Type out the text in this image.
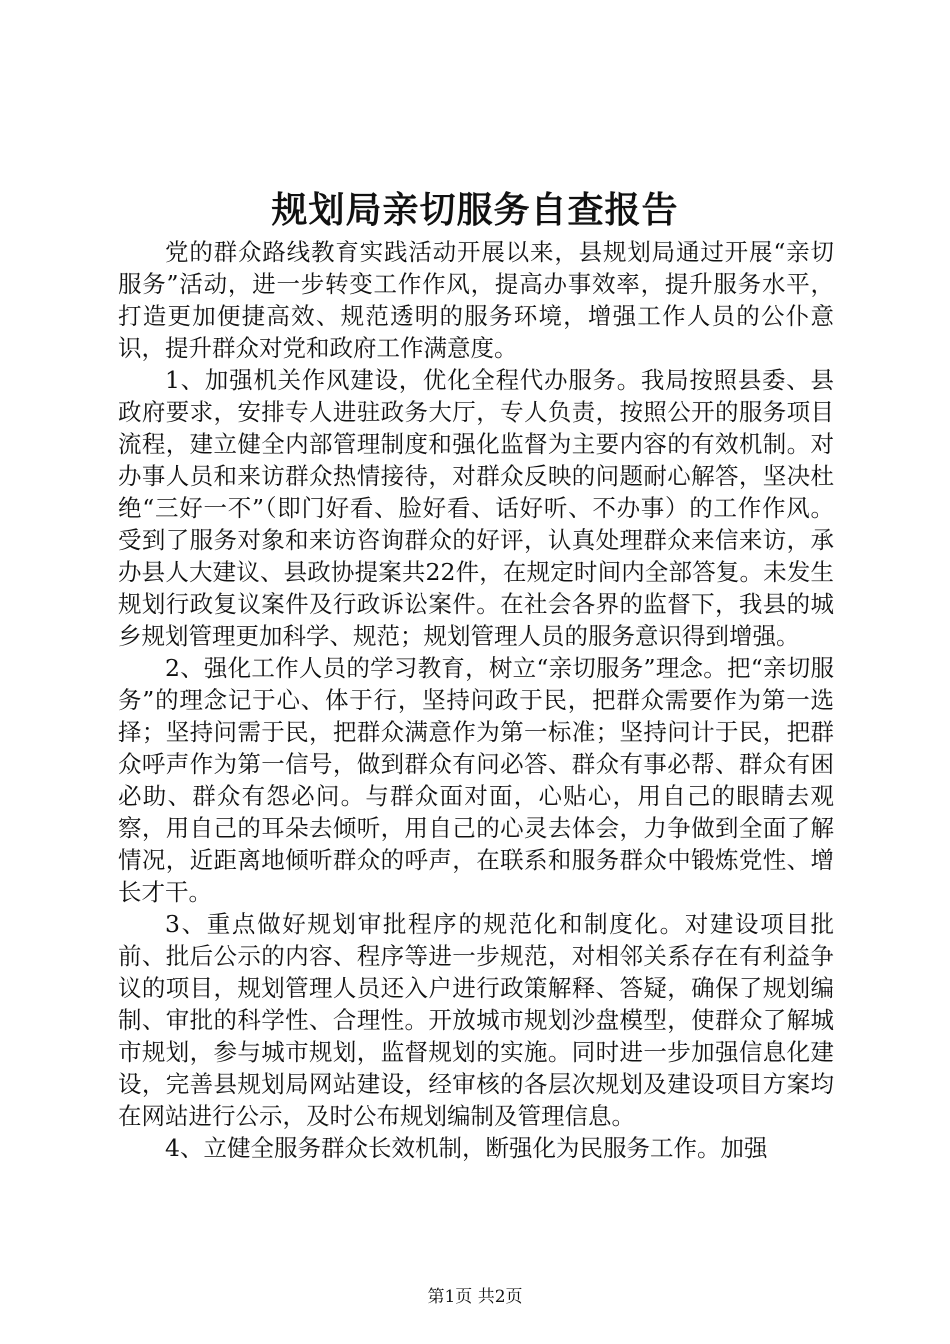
规划局亲切服务自查报告

党的群众路线教育实践活动开展以来，县规划局通过开展“亲切服务”活动，进一步转变工作作风，提高办事效率，提升服务水平，打造更加便捷高效、规范透明的服务环境，增强工作人员的公仆意识，提升群众对党和政府工作满意度。

1、加强机关作风建设，优化全程代办服务。我局按照县委、县政府要求，安排专人进驻政务大厅，专人负责，按照公开的服务项目流程，建立健全内部管理制度和强化监督为主要内容的有效机制。对办事人员和来访群众热情接待，对群众反映的问题耐心解答，坚决杜绝“三好一不”（即门好看、脸好看、话好听、不办事）的工作作风。受到了服务对象和来访咨询群众的好评，认真处理群众来信来访，承办县人大建议、县政协提案共22件，在规定时间内全部答复。未发生规划行政复议案件及行政诉讼案件。在社会各界的监督下，我县的城乡规划管理更加科学、规范；规划管理人员的服务意识得到增强。

2、强化工作人员的学习教育，树立“亲切服务”理念。把“亲切服务”的理念记于心、体于行，坚持问政于民，把群众需要作为第一选择；坚持问需于民，把群众满意作为第一标准；坚持问计于民，把群众呼声作为第一信号，做到群众有问必答、群众有事必帮、群众有困必助、群众有怨必问。与群众面对面，心贴心，用自己的眼睛去观察，用自己的耳朵去倾听，用自己的心灵去体会，力争做到全面了解情况，近距离地倾听群众的呼声，在联系和服务群众中锻炼党性、增长才干。

3、重点做好规划审批程序的规范化和制度化。对建设项目批前、批后公示的内容、程序等进一步规范，对相邻关系存在有利益争议的项目，规划管理人员还入户进行政策解释、答疑，确保了规划编制、审批的科学性、合理性。开放城市规划沙盘模型，使群众了解城市规划，参与城市规划，监督规划的实施。同时进一步加强信息化建设，完善县规划局网站建设，经审核的各层次规划及建设项目方案均在网站进行公示，及时公布规划编制及管理信息。

4、立健全服务群众长效机制，断强化为民服务工作。加强

第1页 共2页
